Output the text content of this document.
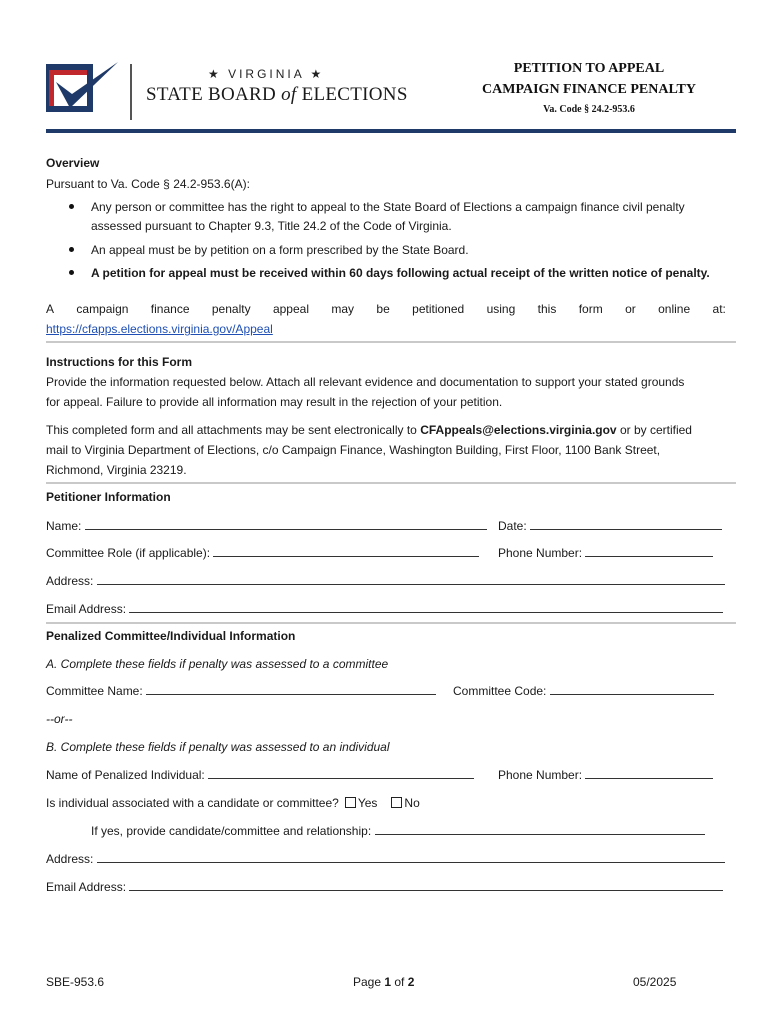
★ VIRGINIA ★
STATE BOARD of ELECTIONS
PETITION TO APPEAL
CAMPAIGN FINANCE PENALTY
Va. Code § 24.2-953.6
Overview
Pursuant to Va. Code § 24.2-953.6(A):
Any person or committee has the right to appeal to the State Board of Elections a campaign finance civil penalty
assessed pursuant to Chapter 9.3, Title 24.2 of the Code of Virginia.
An appeal must be by petition on a form prescribed by the State Board.
A petition for appeal must be received within 60 days following actual receipt of the written notice of penalty.
A campaign finance penalty appeal may be petitioned using this form or online at:
https://cfapps.elections.virginia.gov/Appeal
Instructions for this Form
Provide the information requested below. Attach all relevant evidence and documentation to support your stated grounds
for appeal. Failure to provide all information may result in the rejection of your petition.
This completed form and all attachments may be sent electronically to CFAppeals@elections.virginia.gov or by certified
mail to Virginia Department of Elections, c/o Campaign Finance, Washington Building, First Floor, 1100 Bank Street,
Richmond, Virginia 23219.
Petitioner Information
Name:	Date:
Committee Role (if applicable):	Phone Number:
Address:
Email Address:
Penalized Committee/Individual Information
A. Complete these fields if penalty was assessed to a committee
Committee Name:	Committee Code:
--or--
B. Complete these fields if penalty was assessed to an individual
Name of Penalized Individual:	Phone Number:
Is individual associated with a candidate or committee? Yes No
If yes, provide candidate/committee and relationship:
Address:
Email Address:
SBE-953.6	Page 1 of 2	05/2025
